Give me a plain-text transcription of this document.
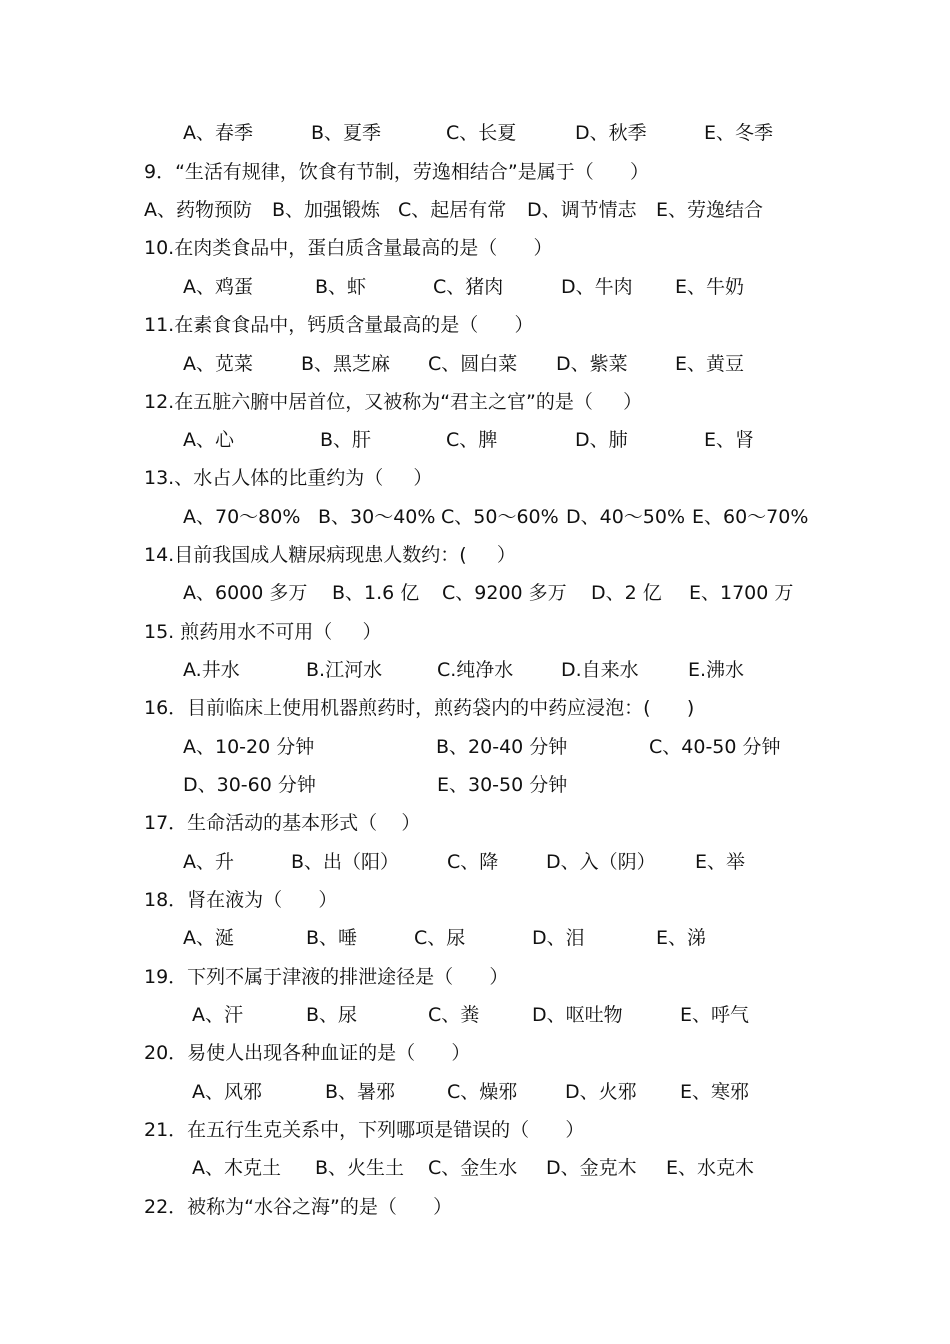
A、春季	B、夏季	C、长夏	D、秋季	E、冬季
9．“生活有规律，饮食有节制，劳逸相结合”是属于（      ）
A、药物预防 B、加强锻炼 C、起居有常 D、调节情志 E、劳逸结合
10.在肉类食品中，蛋白质含量最高的是（      ）
A、鸡蛋	B、虾	C、猪肉	D、牛肉 E、牛奶
11.在素食食品中，钙质含量最高的是（      ）
A、苋菜	B、黑芝麻 C、圆白菜 D、紫菜 E、黄豆
12.在五脏六腑中居首位，又被称为“君主之官”的是（     ）
A、心	B、肝	C、脾	D、肺	E、肾
13.、水占人体的比重约为（     ）
A、70～80% B、30～40% C、50～60% D、40～50% E、60～70%
14.目前我国成人糖尿病现患人数约：(     ）
A、6000 多万 B、1.6 亿 C、9200 多万 D、2 亿 E、1700 万
15. 煎药用水不可用（     ）
A.井水	B.江河水	C.纯净水	D.自来水	E.沸水
16．目前临床上使用机器煎药时，煎药袋内的中药应浸泡：(      )
A、10-20 分钟	B、20-40 分钟	C、40-50 分钟
D、30-60 分钟	E、30-50 分钟
17．生命活动的基本形式（    ）
A、升	B、出（阳）	C、降	D、入（阴） E、举
18．肾在液为（      ）
A、涎	B、唾	C、尿	D、泪	E、涕
19．下列不属于津液的排泄途径是（      ）
A、汗	B、尿	C、粪	D、呕吐物	E、呼气
20．易使人出现各种血证的是（      ）
A、风邪	B、暑邪	C、燥邪	D、火邪 E、寒邪
21．在五行生克关系中，下列哪项是错误的（      ）
A、木克土 B、火生土 C、金生水 D、金克木 E、水克木
22．被称为“水谷之海”的是（      ）
